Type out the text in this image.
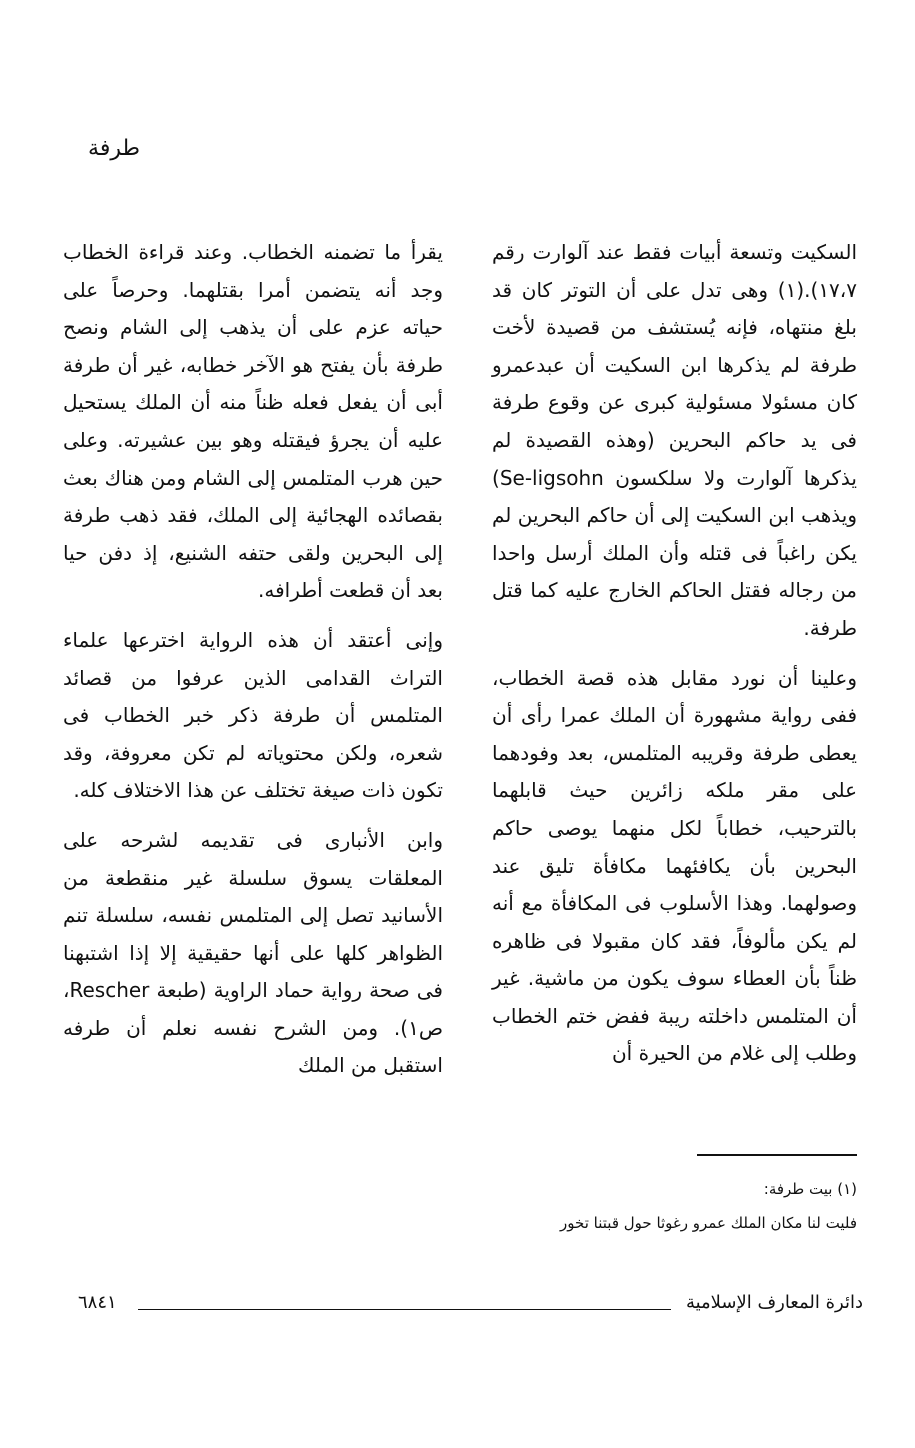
طرفة

السكيت وتسعة أبيات فقط عند آلوارت رقم ١٧،٧).(١) وهى تدل على أن التوتر كان قد بلغ منتهاه، فإنه يُستشف من قصيدة لأخت طرفة لم يذكرها ابن السكيت أن عبدعمرو كان مسئولا مسئولية كبرى عن وقوع طرفة فى يد حاكم البحرين (وهذه القصيدة لم يذكرها آلوارت ولا سلكسون Se-ligsohn) ويذهب ابن السكيت إلى أن حاكم البحرين لم يكن راغباً فى قتله وأن الملك أرسل واحدا من رجاله فقتل الحاكم الخارج عليه كما قتل طرفة.

وعلينا أن نورد مقابل هذه قصة الخطاب، ففى رواية مشهورة أن الملك عمرا رأى أن يعطى طرفة وقريبه المتلمس، بعد وفودهما على مقر ملكه زائرين حيث قابلهما بالترحيب، خطاباً لكل منهما يوصى حاكم البحرين بأن يكافئهما مكافأة تليق عند وصولهما. وهذا الأسلوب فى المكافأة مع أنه لم يكن مألوفاً، فقد كان مقبولا فى ظاهره ظناً بأن العطاء سوف يكون من ماشية. غير أن المتلمس داخلته ريبة ففض ختم الخطاب وطلب إلى غلام من الحيرة أن

يقرأ ما تضمنه الخطاب. وعند قراءة الخطاب وجد أنه يتضمن أمرا بقتلهما. وحرصاً على حياته عزم على أن يذهب إلى الشام ونصح طرفة بأن يفتح هو الآخر خطابه، غير أن طرفة أبى أن يفعل فعله ظناً منه أن الملك يستحيل عليه أن يجرؤ فيقتله وهو بين عشيرته. وعلى حين هرب المتلمس إلى الشام ومن هناك بعث بقصائده الهجائية إلى الملك، فقد ذهب طرفة إلى البحرين ولقى حتفه الشنيع، إذ دفن حيا بعد أن قطعت أطرافه.

وإنى أعتقد أن هذه الرواية اخترعها علماء التراث القدامى الذين عرفوا من قصائد المتلمس أن طرفة ذكر خبر الخطاب فى شعره، ولكن محتوياته لم تكن معروفة، وقد تكون ذات صيغة تختلف عن هذا الاختلاف كله.

وابن الأنبارى فى تقديمه لشرحه على المعلقات يسوق سلسلة غير منقطعة من الأسانيد تصل إلى المتلمس نفسه، سلسلة تنم الظواهر كلها على أنها حقيقية إلا إذا اشتبهنا فى صحة رواية حماد الراوية (طبعة Rescher، ص١). ومن الشرح نفسه نعلم أن طرفه استقبل من الملك

(١) بيت طرفة:
فليت لنا مكان الملك عمرو رغوثا حول قبتنا تخور
٦٨٤١	دائرة المعارف الإسلامية
